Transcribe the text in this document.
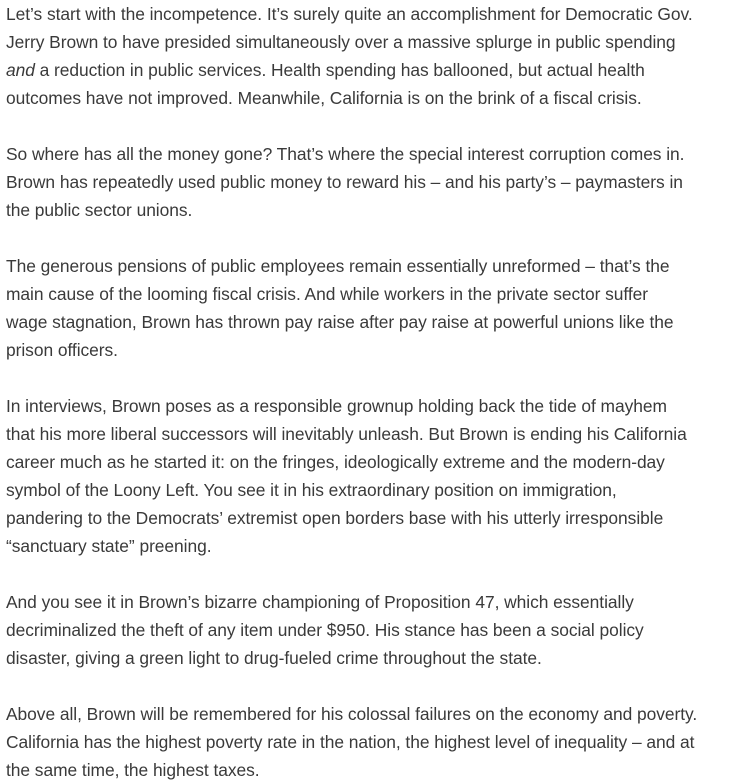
Let’s start with the incompetence. It’s surely quite an accomplishment for Democratic Gov.
Jerry Brown to have presided simultaneously over a massive splurge in public spending
and a reduction in public services. Health spending has ballooned, but actual health
outcomes have not improved. Meanwhile, California is on the brink of a fiscal crisis.

So where has all the money gone? That’s where the special interest corruption comes in.
Brown has repeatedly used public money to reward his – and his party’s – paymasters in
the public sector unions.

The generous pensions of public employees remain essentially unreformed – that’s the
main cause of the looming fiscal crisis. And while workers in the private sector suffer
wage stagnation, Brown has thrown pay raise after pay raise at powerful unions like the
prison officers.

In interviews, Brown poses as a responsible grownup holding back the tide of mayhem
that his more liberal successors will inevitably unleash. But Brown is ending his California
career much as he started it: on the fringes, ideologically extreme and the modern-day
symbol of the Loony Left. You see it in his extraordinary position on immigration,
pandering to the Democrats’ extremist open borders base with his utterly irresponsible
“sanctuary state” preening.

And you see it in Brown’s bizarre championing of Proposition 47, which essentially
decriminalized the theft of any item under $950. His stance has been a social policy
disaster, giving a green light to drug-fueled crime throughout the state.

Above all, Brown will be remembered for his colossal failures on the economy and poverty.
California has the highest poverty rate in the nation, the highest level of inequality – and at
the same time, the highest taxes.
